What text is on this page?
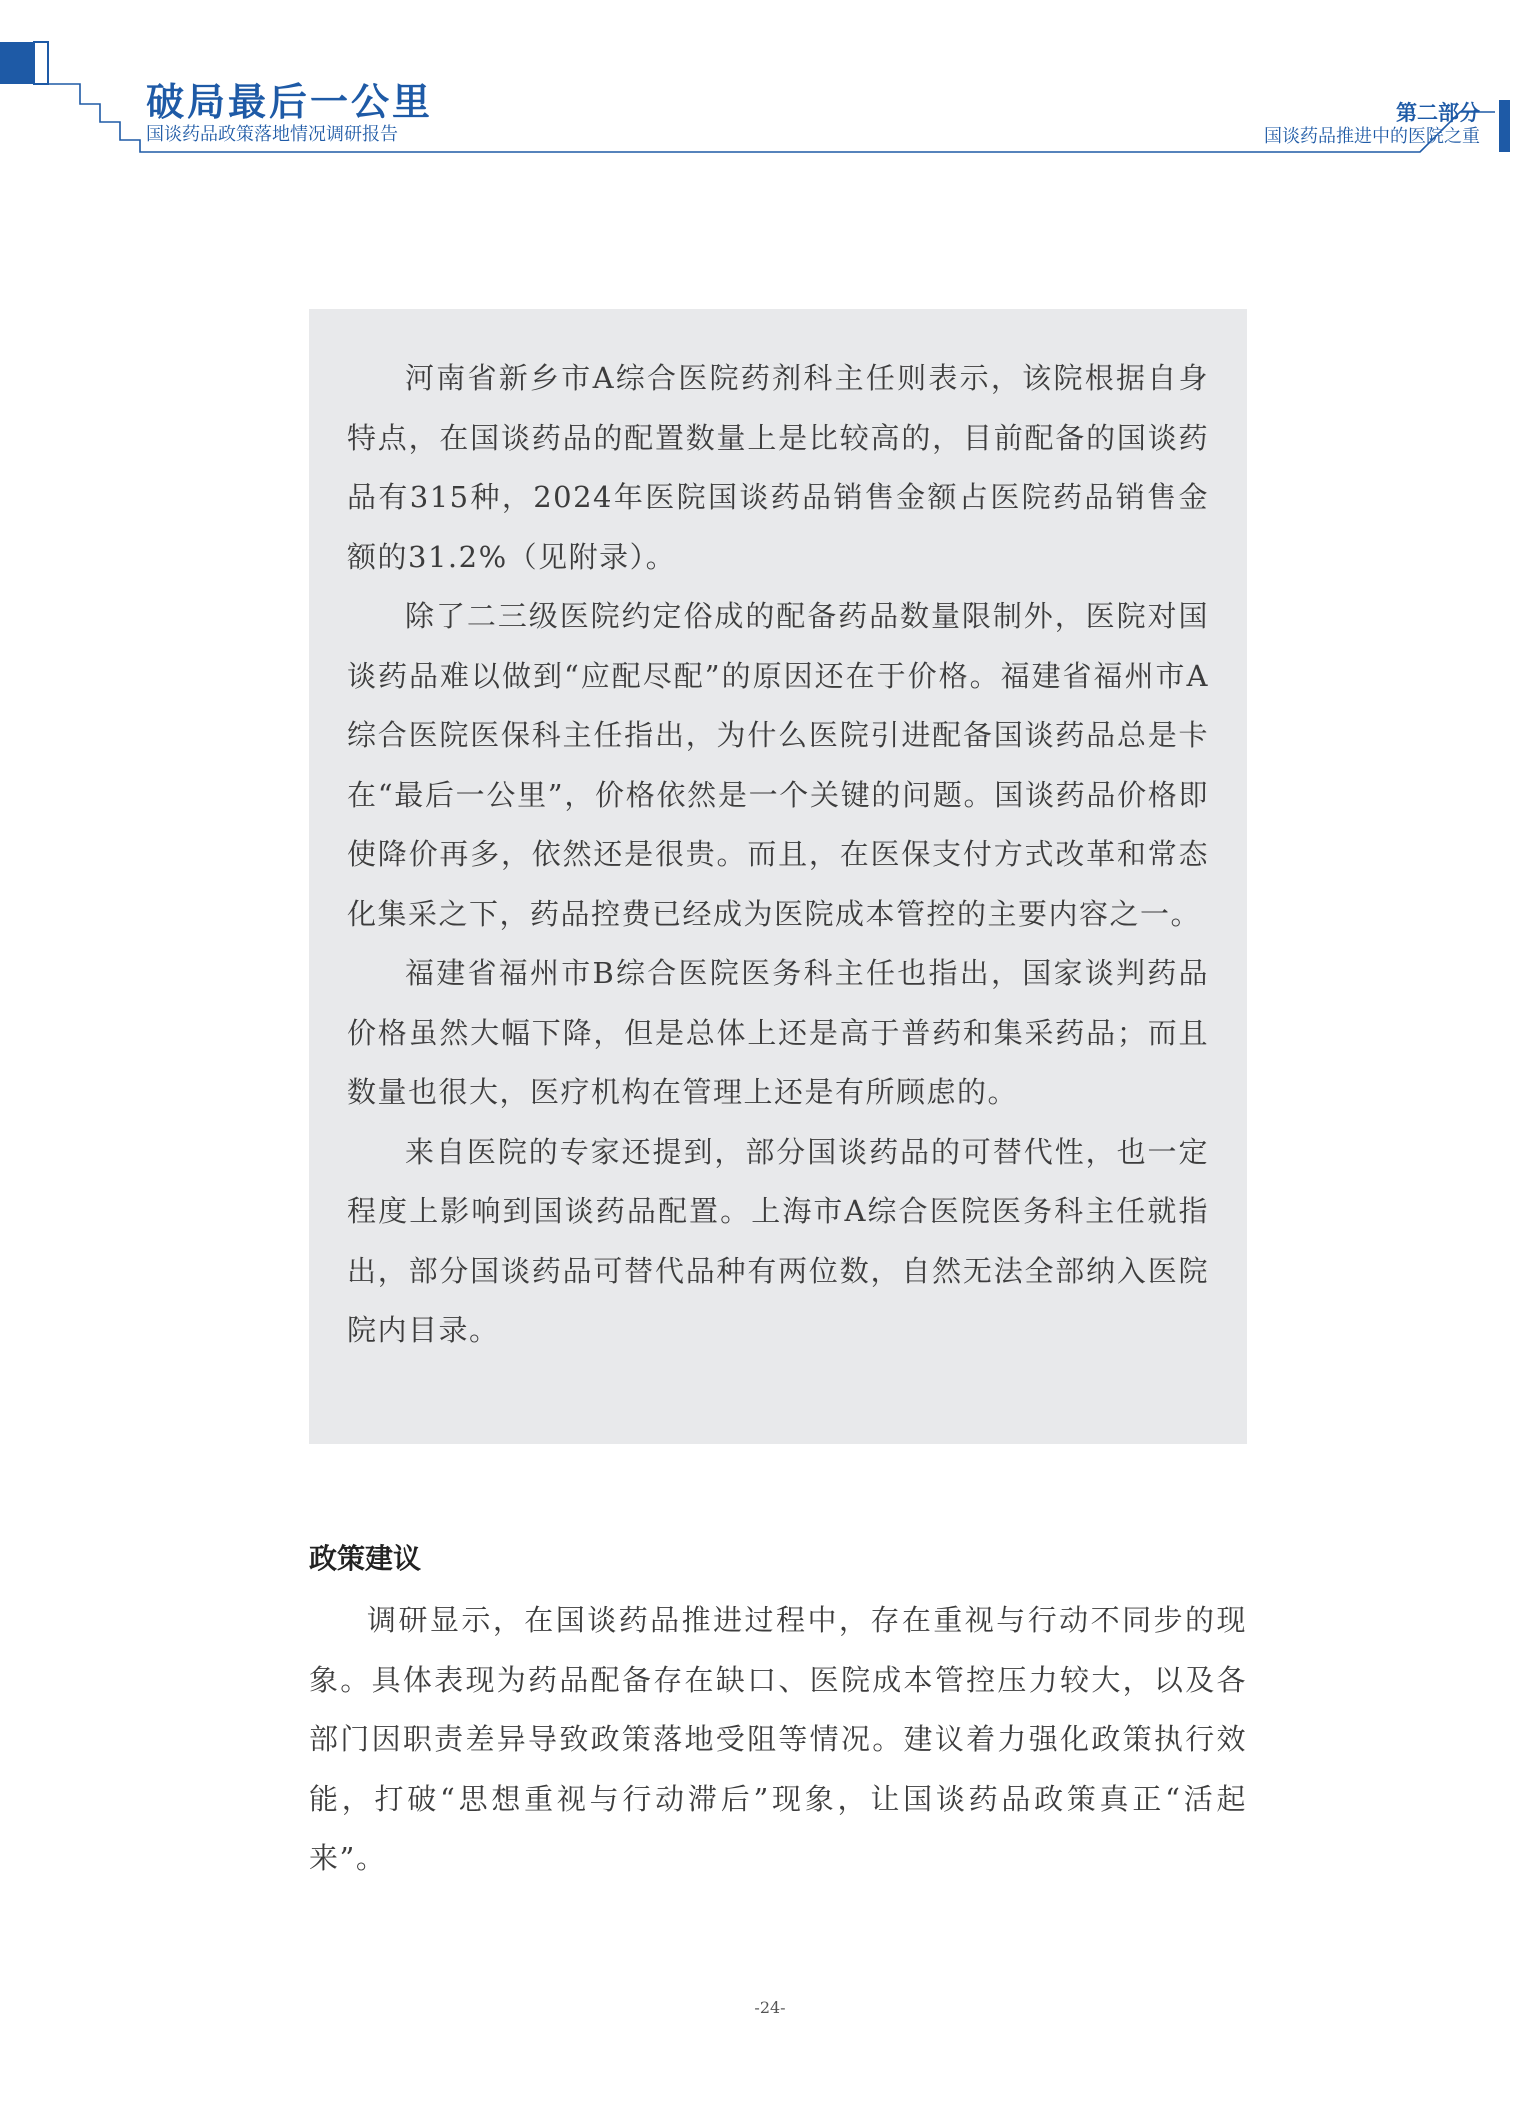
破局最后一公里
国谈药品政策落地情况调研报告
第二部分
国谈药品推进中的医院之重

河南省新乡市A综合医院药剂科主任则表示，该院根据自身特点，在国谈药品的配置数量上是比较高的，目前配备的国谈药品有315种，2024年医院国谈药品销售金额占医院药品销售金额的31.2%（见附录）。

除了二三级医院约定俗成的配备药品数量限制外，医院对国谈药品难以做到“应配尽配”的原因还在于价格。福建省福州市A综合医院医保科主任指出，为什么医院引进配备国谈药品总是卡在“最后一公里”，价格依然是一个关键的问题。国谈药品价格即使降价再多，依然还是很贵。而且，在医保支付方式改革和常态化集采之下，药品控费已经成为医院成本管控的主要内容之一。

福建省福州市B综合医院医务科主任也指出，国家谈判药品价格虽然大幅下降，但是总体上还是高于普药和集采药品；而且数量也很大，医疗机构在管理上还是有所顾虑的。

来自医院的专家还提到，部分国谈药品的可替代性，也一定程度上影响到国谈药品配置。上海市A综合医院医务科主任就指出，部分国谈药品可替代品种有两位数，自然无法全部纳入医院院内目录。

政策建议

调研显示，在国谈药品推进过程中，存在重视与行动不同步的现象。具体表现为药品配备存在缺口、医院成本管控压力较大，以及各部门因职责差异导致政策落地受阻等情况。建议着力强化政策执行效能，打破“思想重视与行动滞后”现象，让国谈药品政策真正“活起来”。

-24-
